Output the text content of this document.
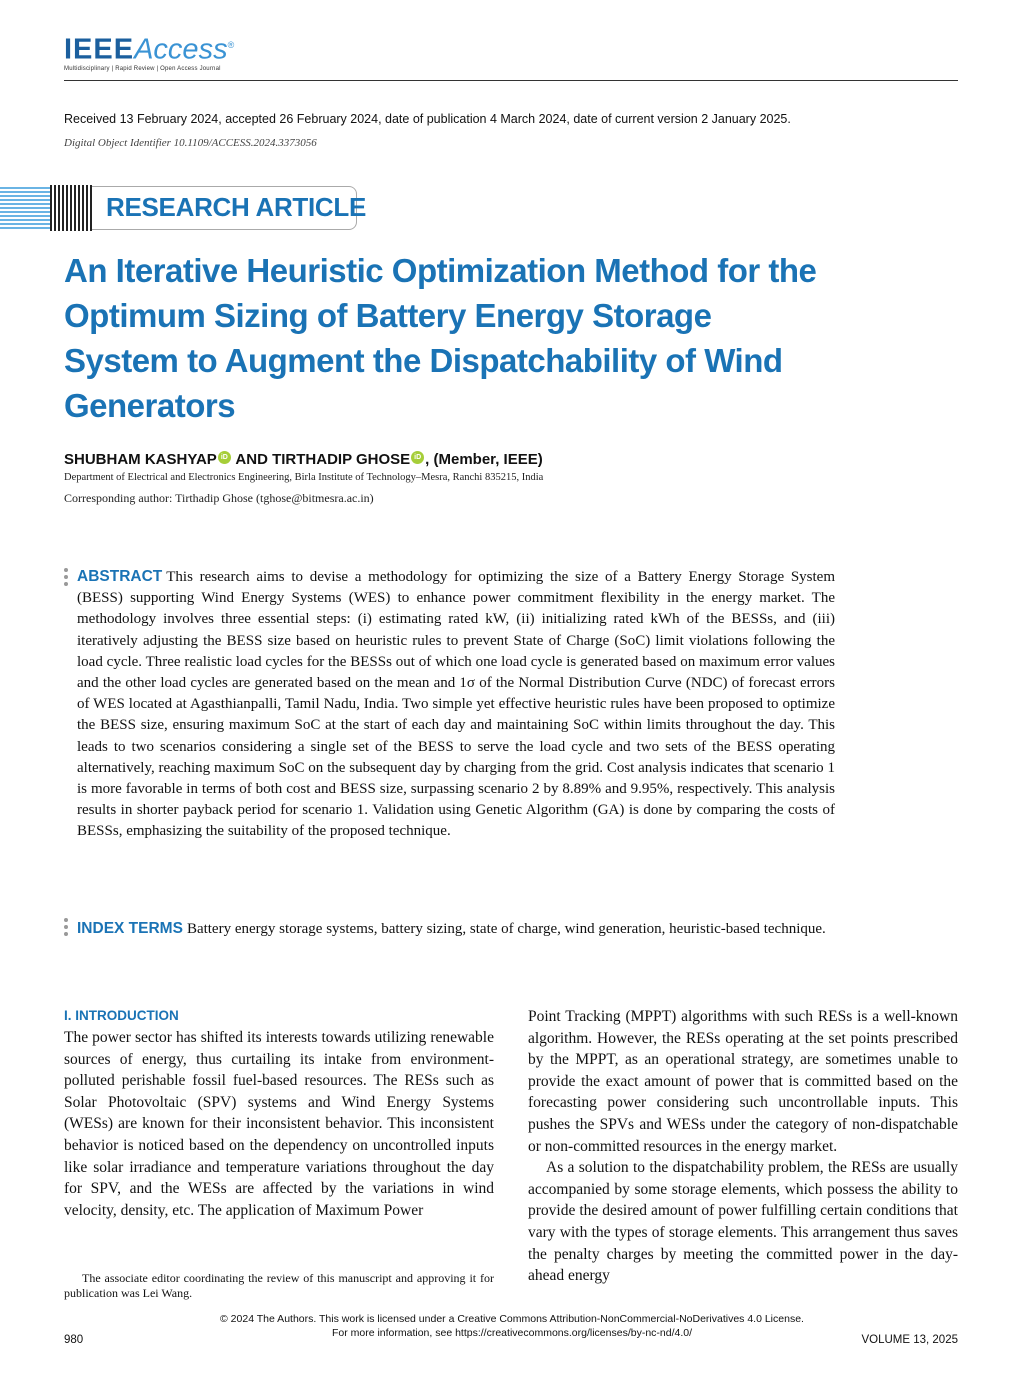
IEEEAccess®
Multidisciplinary | Rapid Review | Open Access Journal
Received 13 February 2024, accepted 26 February 2024, date of publication 4 March 2024, date of current version 2 January 2025.
Digital Object Identifier 10.1109/ACCESS.2024.3373056
RESEARCH ARTICLE
An Iterative Heuristic Optimization Method for the Optimum Sizing of Battery Energy Storage System to Augment the Dispatchability of Wind Generators
SHUBHAM KASHYAP iD AND TIRTHADIP GHOSE iD , (Member, IEEE)
Department of Electrical and Electronics Engineering, Birla Institute of Technology–Mesra, Ranchi 835215, India
Corresponding author: Tirthadip Ghose (tghose@bitmesra.ac.in)

ABSTRACT This research aims to devise a methodology for optimizing the size of a Battery Energy Storage System (BESS) supporting Wind Energy Systems (WES) to enhance power commitment flexibility in the energy market. The methodology involves three essential steps: (i) estimating rated kW, (ii) initializing rated kWh of the BESSs, and (iii) iteratively adjusting the BESS size based on heuristic rules to prevent State of Charge (SoC) limit violations following the load cycle. Three realistic load cycles for the BESSs out of which one load cycle is generated based on maximum error values and the other load cycles are generated based on the mean and 1σ of the Normal Distribution Curve (NDC) of forecast errors of WES located at Agasthianpalli, Tamil Nadu, India. Two simple yet effective heuristic rules have been proposed to optimize the BESS size, ensuring maximum SoC at the start of each day and maintaining SoC within limits throughout the day. This leads to two scenarios considering a single set of the BESS to serve the load cycle and two sets of the BESS operating alternatively, reaching maximum SoC on the subsequent day by charging from the grid. Cost analysis indicates that scenario 1 is more favorable in terms of both cost and BESS size, surpassing scenario 2 by 8.89% and 9.95%, respectively. This analysis results in shorter payback period for scenario 1. Validation using Genetic Algorithm (GA) is done by comparing the costs of BESSs, emphasizing the suitability of the proposed technique.

INDEX TERMS Battery energy storage systems, battery sizing, state of charge, wind generation, heuristic-based technique.

I. INTRODUCTION

The power sector has shifted its interests towards utilizing renewable sources of energy, thus curtailing its intake from environment-polluted perishable fossil fuel-based resources. The RESs such as Solar Photovoltaic (SPV) systems and Wind Energy Systems (WESs) are known for their inconsistent behavior. This inconsistent behavior is noticed based on the dependency on uncontrolled inputs like solar irradiance and temperature variations throughout the day for SPV, and the WESs are affected by the variations in wind velocity, density, etc. The application of Maximum Power

Point Tracking (MPPT) algorithms with such RESs is a well-known algorithm. However, the RESs operating at the set points prescribed by the MPPT, as an operational strategy, are sometimes unable to provide the exact amount of power that is committed based on the forecasting power considering such uncontrollable inputs. This pushes the SPVs and WESs under the category of non-dispatchable or non-committed resources in the energy market.

As a solution to the dispatchability problem, the RESs are usually accompanied by some storage elements, which possess the ability to provide the desired amount of power fulfilling certain conditions that vary with the types of storage elements. This arrangement thus saves the penalty charges by meeting the committed power in the day-ahead energy

The associate editor coordinating the review of this manuscript and approving it for publication was Lei Wang.

© 2024 The Authors. This work is licensed under a Creative Commons Attribution-NonCommercial-NoDerivatives 4.0 License.
For more information, see https://creativecommons.org/licenses/by-nc-nd/4.0/
980	VOLUME 13, 2025
